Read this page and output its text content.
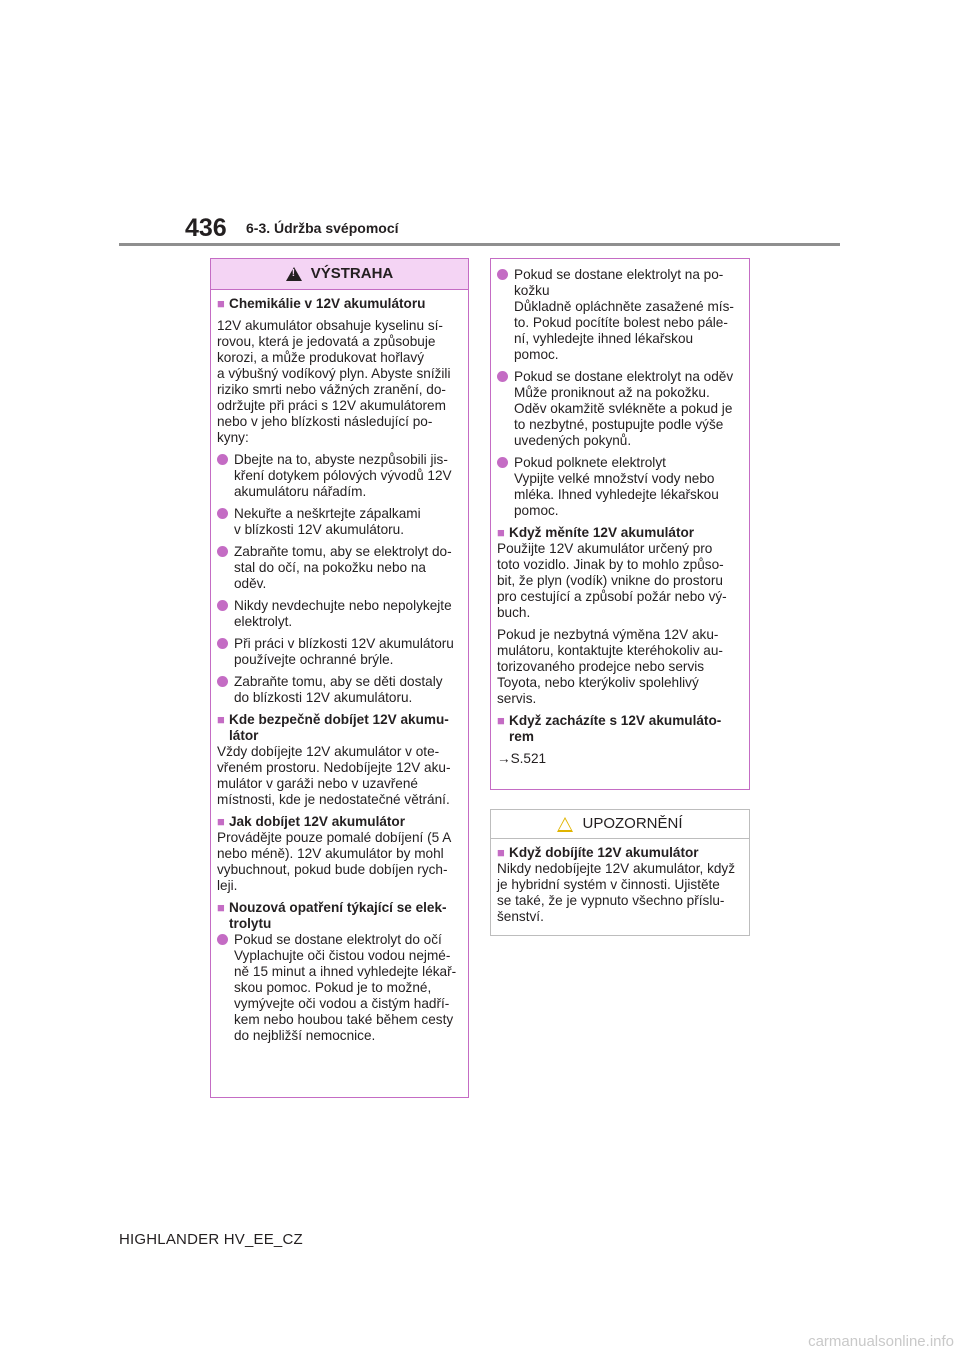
436 6-3. Údržba svépomocí
!
VÝSTRAHA
■ Chemikálie v 12V akumulátoru
12V akumulátor obsahuje kyselinu sí-
rovou, která je jedovatá a způsobuje
korozi, a může produkovat hořlavý
a výbušný vodíkový plyn. Abyste snížili
riziko smrti nebo vážných zranění, do-
održujte při práci s 12V akumulátorem
nebo v jeho blízkosti následující po-
kyny:
Dbejte na to, abyste nezpůsobili jis-
kření dotykem pólových vývodů 12V
akumulátoru nářadím.
Nekuřte a neškrtejte zápalkami
v blízkosti 12V akumulátoru.
Zabraňte tomu, aby se elektrolyt do-
stal do očí, na pokožku nebo na
oděv.
Nikdy nevdechujte nebo nepolykejte
elektrolyt.
Při práci v blízkosti 12V akumulátoru
používejte ochranné brýle.
Zabraňte tomu, aby se děti dostaly
do blízkosti 12V akumulátoru.
■ Kde bezpečně dobíjet 12V akumu-
látor
Vždy dobíjejte 12V akumulátor v ote-
vřeném prostoru. Nedobíjejte 12V aku-
mulátor v garáži nebo v uzavřené
místnosti, kde je nedostatečné větrání.
■ Jak dobíjet 12V akumulátor
Provádějte pouze pomalé dobíjení (5 A
nebo méně). 12V akumulátor by mohl
vybuchnout, pokud bude dobíjen rych-
leji.
■ Nouzová opatření týkající se elek-
trolytu
Pokud se dostane elektrolyt do očí
Vyplachujte oči čistou vodou nejmé-
ně 15 minut a ihned vyhledejte lékař-
skou pomoc. Pokud je to možné,
vymývejte oči vodou a čistým hadří-
kem nebo houbou také během cesty
do nejbližší nemocnice.
Pokud se dostane elektrolyt na po-
kožku
Důkladně opláchněte zasažené mís-
to. Pokud pocítíte bolest nebo pále-
ní, vyhledejte ihned lékařskou
pomoc.
Pokud se dostane elektrolyt na oděv
Může proniknout až na pokožku.
Oděv okamžitě svlékněte a pokud je
to nezbytné, postupujte podle výše
uvedených pokynů.
Pokud polknete elektrolyt
Vypijte velké množství vody nebo
mléka. Ihned vyhledejte lékařskou
pomoc.
■ Když měníte 12V akumulátor
Použijte 12V akumulátor určený pro
toto vozidlo. Jinak by to mohlo způso-
bit, že plyn (vodík) vnikne do prostoru
pro cestující a způsobí požár nebo vý-
buch.
Pokud je nezbytná výměna 12V aku-
mulátoru, kontaktujte kteréhokoliv au-
torizovaného prodejce nebo servis
Toyota, nebo kterýkoliv spolehlivý
servis.
■ Když zacházíte s 12V akumuláto-
rem
→S.521
UPOZORNĚNÍ
■ Když dobíjíte 12V akumulátor
Nikdy nedobíjejte 12V akumulátor, když
je hybridní systém v činnosti. Ujistěte
se také, že je vypnuto všechno příslu-
šenství.
HIGHLANDER HV_EE_CZ
carmanualsonline.info
